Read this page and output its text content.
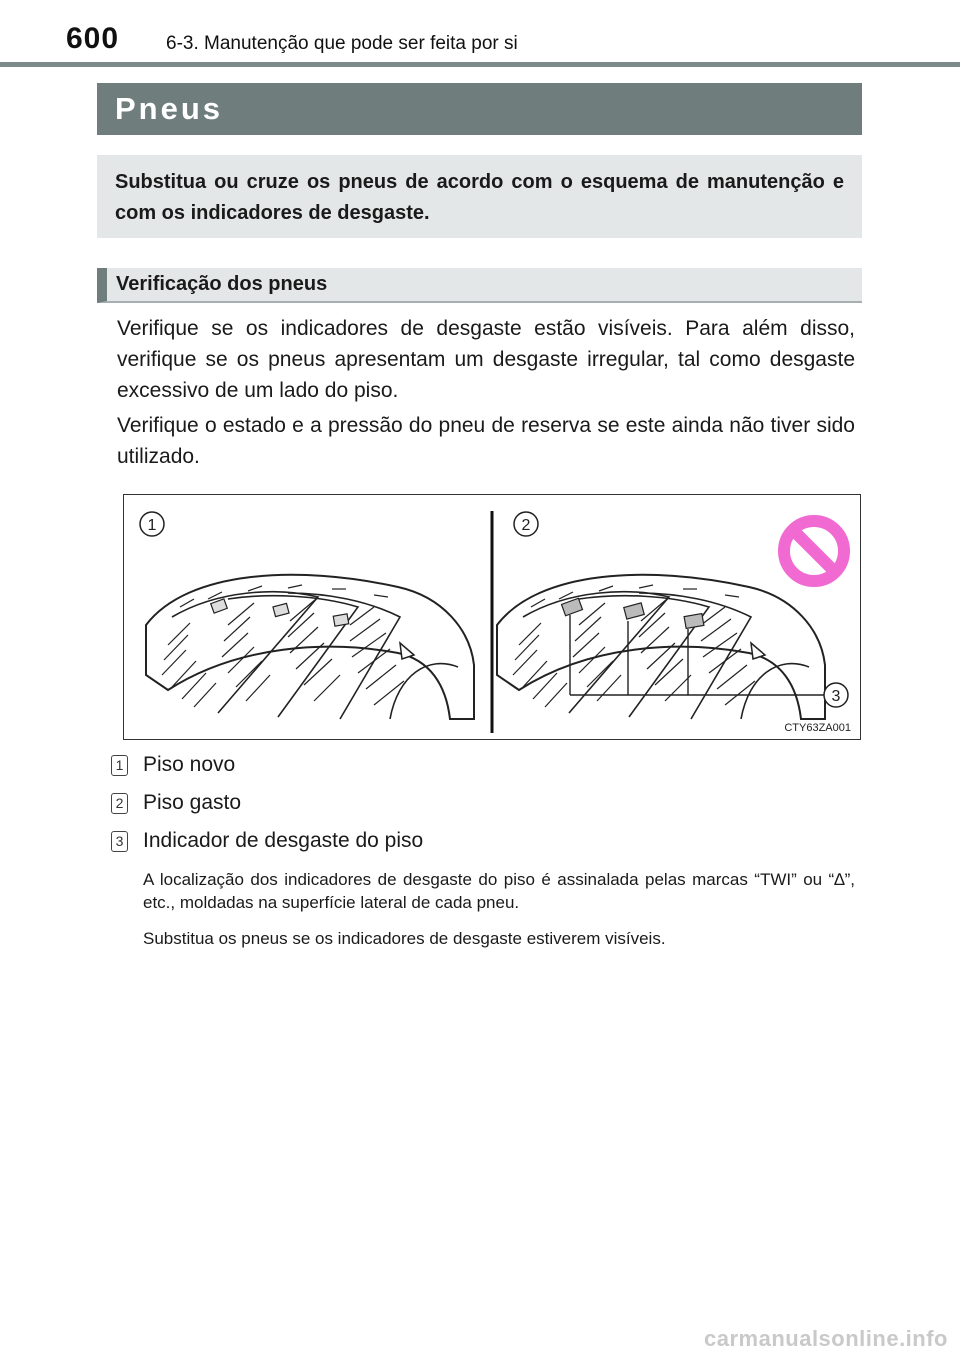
600 6-3. Manutenção que pode ser feita por si
Pneus
Substitua ou cruze os pneus de acordo com o esquema de manutenção e com os indicadores de desgaste.
Verificação dos pneus

Verifique se os indicadores de desgaste estão visíveis. Para além disso, verifique se os pneus apresentam um desgaste irregular, tal como desgaste excessivo de um lado do piso.

Verifique o estado e a pressão do pneu de reserva se este ainda não tiver sido utilizado.

1	2
3
CTY63ZA001
1 Piso novo
2 Piso gasto
3 Indicador de desgaste do piso

A localização dos indicadores de desgaste do piso é assinalada pelas marcas “TWI” ou “∆”, etc., moldadas na superfície lateral de cada pneu.

Substitua os pneus se os indicadores de desgaste estiverem visíveis.

carmanualsonline.info
